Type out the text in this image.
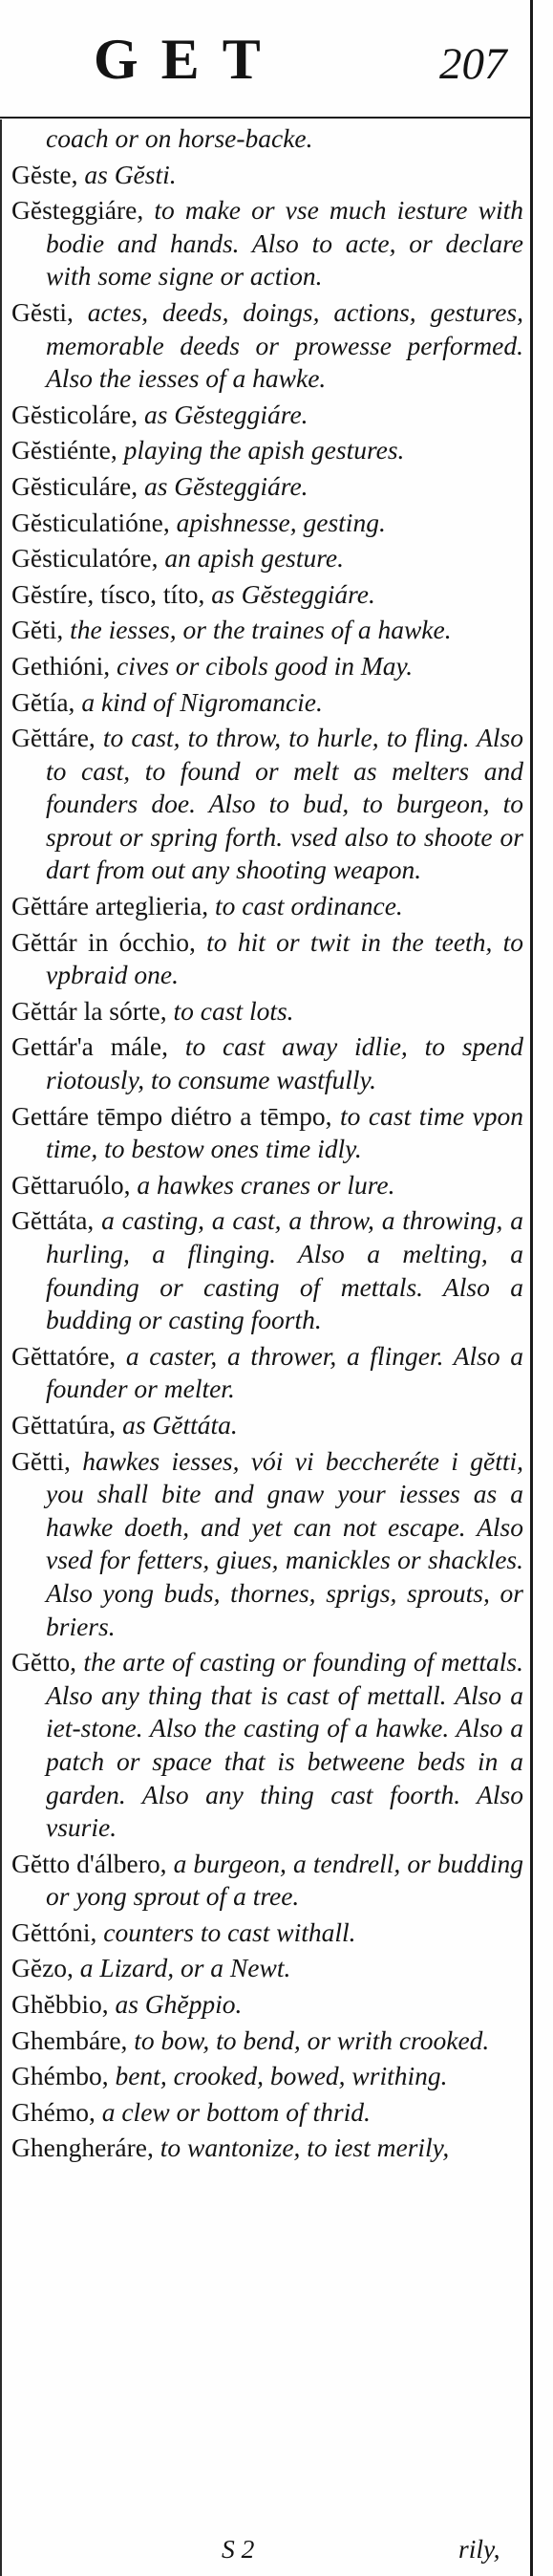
GET	207
coach or on horse-backe.
Gĕste, as Gĕsti.
Gĕsteggiáre, to make or vse much iesture with bodie and hands. Also to acte, or declare with some signe or action.
Gĕsti, actes, deeds, doings, actions, gestures, memorable deeds or prowesse performed. Also the iesses of a hawke.
Gĕsticoláre, as Gĕsteggiáre.
Gĕstiénte, playing the apish gestures.
Gĕsticuláre, as Gĕsteggiáre.
Gĕsticulatióne, apishnesse, gesting.
Gĕsticulatóre, an apish gesture.
Gĕstíre, tísco, títo, as Gĕsteggiáre.
Gĕti, the iesses, or the traines of a hawke.
Gethióni, cives or cibols good in May.
Gĕtía, a kind of Nigromancie.
Gĕttáre, to cast, to throw, to hurle, to fling. Also to cast, to found or melt as melters and founders doe. Also to bud, to burgeon, to sprout or spring forth. vsed also to shoote or dart from out any shooting weapon.
Gĕttáre arteglieria, to cast ordinance.
Gĕttár in ócchio, to hit or twit in the teeth, to vpbraid one.
Gĕttár la sórte, to cast lots.
Gettár'a mále, to cast away idlie, to spend riotously, to consume wastfully.
Gettáre tēmpo diétro a tēmpo, to cast time vpon time, to bestow ones time idly.
Gĕttaruólo, a hawkes cranes or lure.
Gĕttáta, a casting, a cast, a throw, a throwing, a hurling, a flinging. Also a melting, a founding or casting of mettals. Also a budding or casting foorth.
Gĕttatóre, a caster, a thrower, a flinger. Also a founder or melter.
Gĕttatúra, as Gĕttáta.
Gĕtti, hawkes iesses, vói vi beccheréte i gĕtti, you shall bite and gnaw your iesses as a hawke doeth, and yet can not escape. Also vsed for fetters, giues, manickles or shackles. Also yong buds, thornes, sprigs, sprouts, or briers.
Gĕtto, the arte of casting or founding of mettals. Also any thing that is cast of mettall. Also a iet-stone. Also the casting of a hawke. Also a patch or space that is betweene beds in a garden. Also any thing cast foorth. Also vsurie.
Gĕtto d'álbero, a burgeon, a tendrell, or budding or yong sprout of a tree.
Gĕttóni, counters to cast withall.
Gĕzo, a Lizard, or a Newt.
Ghĕbbio, as Ghĕppio.
Ghembáre, to bow, to bend, or writh crooked.
Ghémbo, bent, crooked, bowed, writhing.
Ghémo, a clew or bottom of thrid.
Ghengheráre, to wantonize, to iest merily,
S 2	rily,
